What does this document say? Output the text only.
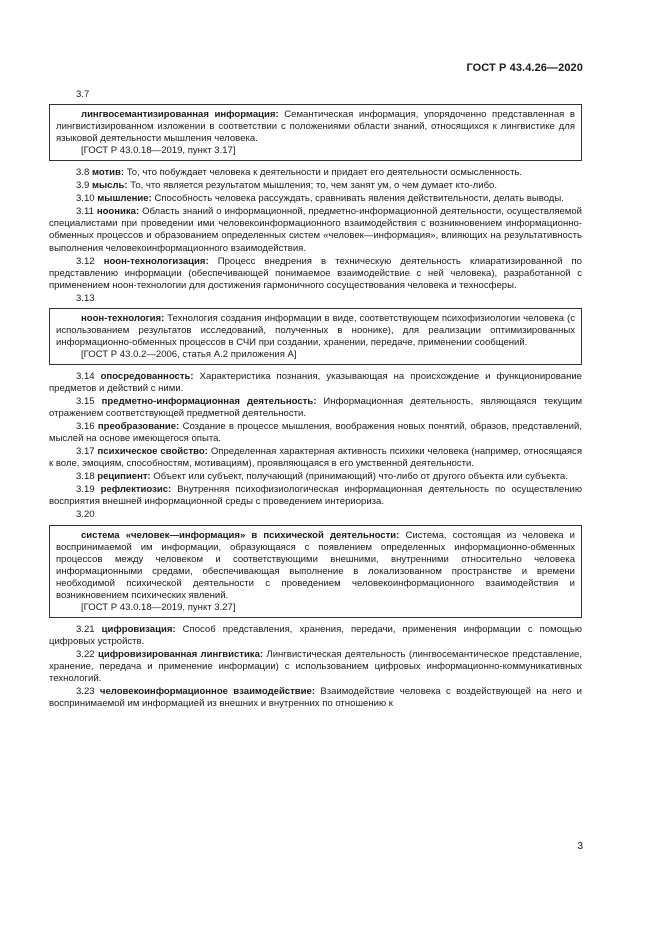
ГОСТ Р 43.4.26—2020
3.7

лингвосемантизированная информация: Семантическая информация, упорядоченно представленная в лингвистизированном изложении в соответствии с положениями области знаний, относящихся к лингвистике для языковой деятельности мышления человека.

[ГОСТ Р 43.0.18—2019, пункт 3.17]

3.8 мотив: То, что побуждает человека к деятельности и придает его деятельности осмысленность.

3.9 мысль: То, что является результатом мышления; то, чем занят ум, о чем думает кто-либо.

3.10 мышление: Способность человека рассуждать, сравнивать явления действительности, делать выводы.

3.11 нооника: Область знаний о информационной, предметно-информационной деятельности, осуществляемой специалистами при проведении ими человекоинформационного взаимодействия с возникновением информационно-обменных процессов и образованием определенных систем «человек—информация», влияющих на результативность выполнения человекоинформационного взаимодействия.

3.12 ноон-технологизация: Процесс внедрения в техническую деятельность клиаратизированной по представлению информации (обеспечивающей понимаемое взаимодействие с ней человека), разработанной с применением ноон-технологии для достижения гармоничного сосуществования человека и техносферы.

3.13

ноон-технология: Технология создания информации в виде, соответствующем психофизиологии человека (с использованием результатов исследований, полученных в ноонике), для реализации оптимизированных информационно-обменных процессов в СЧИ при создании, хранении, передаче, применении сообщений.

[ГОСТ Р 43.0.2—2006, статья А.2 приложения А]

3.14 опосредованность: Характеристика познания, указывающая на происхождение и функционирование предметов и действий с ними.

3.15 предметно-информационная деятельность: Информационная деятельность, являющаяся текущим отражением соответствующей предметной деятельности.

3.16 преобразование: Создание в процессе мышления, воображения новых понятий, образов, представлений, мыслей на основе имеющегося опыта.

3.17 психическое свойство: Определенная характерная активность психики человека (например, относящаяся к воле, эмоциям, способностям, мотивациям), проявляющаяся в его умственной деятельности.

3.18 реципиент: Объект или субъект, получающий (принимающий) что-либо от другого объекта или субъекта.

3.19 рефлектиозис: Внутренняя психофизиологическая информационная деятельность по осуществлению восприятия внешней информационной среды с проведением интериориза.

3.20

система «человек—информация» в психической деятельности: Система, состоящая из человека и воспринимаемой им информации, образующаяся с появлением определенных информационно-обменных процессов между человеком и соответствующими внешними, внутренними относительно человека информационными средами, обеспечивающая выполнение в локализованном пространстве и времени необходимой психической деятельности с проведением человекоинформационного взаимодействия и возникновением психических явлений.

[ГОСТ Р 43.0.18—2019, пункт 3.27]

3.21 цифровизация: Способ представления, хранения, передачи, применения информации с помощью цифровых устройств.

3.22 цифровизированная лингвистика: Лингвистическая деятельность (лингвосемантическое представление, хранение, передача и применение информации) с использованием цифровых информационно-коммуникативных технологий.

3.23 человекоинформационное взаимодействие: Взаимодействие человека с воздействующей на него и воспринимаемой им информацией из внешних и внутренних по отношению к

3
